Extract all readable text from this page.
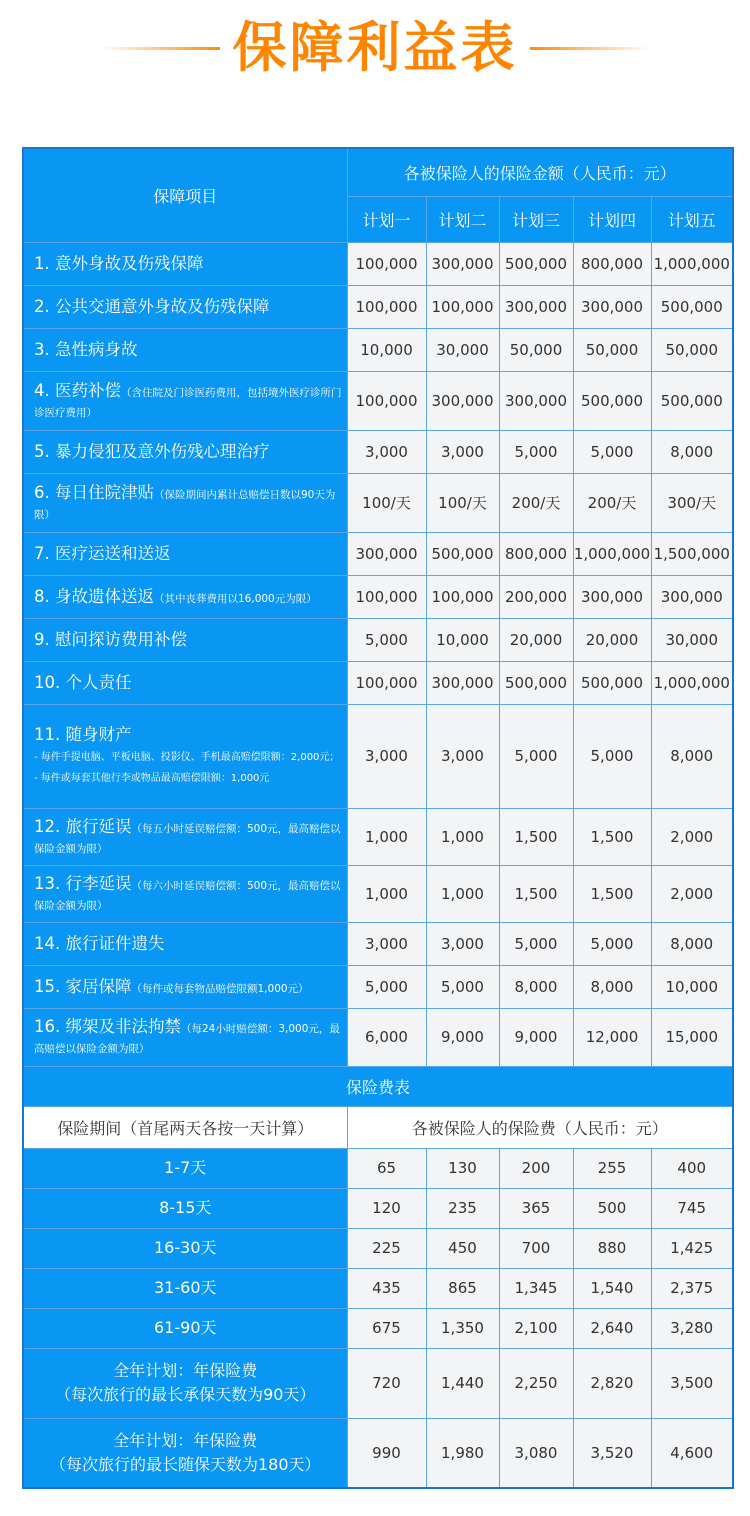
保障利益表
保障项目	各被保险人的保险金额（人民币：元）				
	计划一	计划二	计划三	计划四	计划五
1. 意外身故及伤残保障	100,000	300,000	500,000	800,000	1,000,000
2. 公共交通意外身故及伤残保障	100,000	100,000	300,000	300,000	500,000
3. 急性病身故	10,000	30,000	50,000	50,000	50,000
4. 医药补偿（含住院及门诊医药费用，包括境外医疗诊所门诊医疗费用）	100,000	300,000	300,000	500,000	500,000
5. 暴力侵犯及意外伤残心理治疗	3,000	3,000	5,000	5,000	8,000
6. 每日住院津贴（保险期间内累计总赔偿日数以90天为限）	100/天	100/天	200/天	200/天	300/天
7. 医疗运送和送返	300,000	500,000	800,000	1,000,000	1,500,000
8. 身故遗体送返（其中丧葬费用以16,000元为限）	100,000	100,000	200,000	300,000	300,000
9. 慰问探访费用补偿	5,000	10,000	20,000	20,000	30,000
10. 个人责任	100,000	300,000	500,000	500,000	1,000,000
11. 随身财产
- 每件手提电脑、平板电脑、投影仪、手机最高赔偿限额：2,000元；
- 每件或每套其他行李或物品最高赔偿限额：1,000元	3,000	3,000	5,000	5,000	8,000
12. 旅行延误（每五小时延误赔偿额：500元，最高赔偿以保险金额为限）	1,000	1,000	1,500	1,500	2,000
13. 行李延误（每六小时延误赔偿额：500元，最高赔偿以保险金额为限）	1,000	1,000	1,500	1,500	2,000
14. 旅行证件遗失	3,000	3,000	5,000	5,000	8,000
15. 家居保障（每件或每套物品赔偿限额1,000元）	5,000	5,000	8,000	8,000	10,000
16. 绑架及非法拘禁（每24小时赔偿额：3,000元，最高赔偿以保险金额为限）	6,000	9,000	9,000	12,000	15,000
保险费表					
保险期间（首尾两天各按一天计算）	各被保险人的保险费（人民币：元）				

1-7天	65	130	200	255	400

8-15天	120	235	365	500	745

16-30天	225	450	700	880	1,425

31-60天	435	865	1,345	1,540	2,375

61-90天	675	1,350	2,100	2,640	3,280

全年计划：年保险费
（每次旅行的最长承保天数为90天）	720	1,440	2,250	2,820	3,500

全年计划：年保险费
（每次旅行的最长随保天数为180天）	990	1,980	3,080	3,520	4,600
